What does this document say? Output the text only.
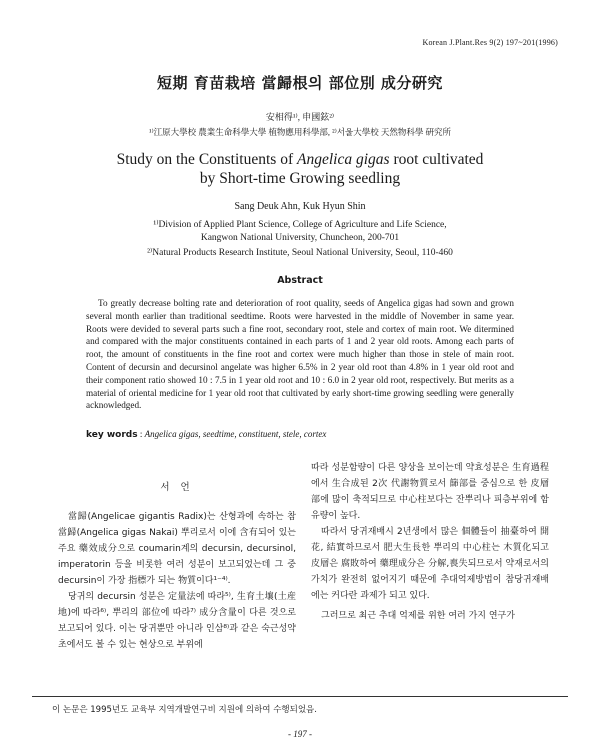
Korean J.Plant.Res 9(2) 197~201(1996)
短期 育苗栽培 當歸根의 部位別 成分硏究
安相得¹⁾, 申國鉉²⁾
¹⁾江原大學校 農業生命科學大學 植物應用科學部, ²⁾서울大學校 天然物科學 硏究所
Study on the Constituents of Angelica gigas root cultivated
by Short-time Growing seedling
Sang Deuk Ahn, Kuk Hyun Shin
¹⁾Division of Applied Plant Science, College of Agriculture and Life Science,
Kangwon National University, Chuncheon, 200-701
²⁾Natural Products Research Institute, Seoul National University, Seoul, 110-460
Abstract
To greatly decrease bolting rate and deterioration of root quality, seeds of Angelica gigas had sown and grown several month earlier than traditional seedtime. Roots were harvested in the middle of November in same year. Roots were devided to several parts such a fine root, secondary root, stele and cortex of main root. We ditermined and compared with the major constituents contained in each parts of 1 and 2 year old roots. Among each parts of root, the amount of constituents in the fine root and cortex were much higher than those in stele of main root. Content of decursin and decursinol angelate was higher 6.5% in 2 year old root than 4.8% in 1 year old root and their component ratio showed 10 : 7.5 in 1 year old root and 10 : 6.0 in 2 year old root, respectively. But merits as a material of oriental medicine for 1 year old root that cultivated by early short-time growing seedling were generally acknowledged.
key words : Angelica gigas, seedtime, constituent, stele, cortex
서 언

當歸(Angelicae gigantis Radix)는 산형과에 속하는 참當歸(Angelica gigas Nakai) 뿌리로서 이에 含有되어 있는 주요 藥效成分으로 coumarin계의 decursin, decursinol, imperatorin 등을 비롯한 여러 성분이 보고되었는데 그 중 decursin이 가장 指標가 되는 物質이다¹⁻⁴⁾.

당귀의 decursin 성분은 定量法에 따라⁵⁾, 生育土壤(土産地)에 따라⁶⁾, 뿌리의 部位에 따라⁷⁾ 成分含量이 다른 것으로 보고되어 있다. 이는 당귀뿐만 아니라 인삼⁸⁾과 같은 숙근성약초에서도 볼 수 있는 현상으로 부위에

따라 성분함량이 다른 양상을 보이는데 약효성분은 生育過程에서 生合成된 2次 代謝物質로서 篩部를 중심으로 한 皮層部에 많이 축적되므로 中心柱보다는 잔뿌리나 피층부위에 함유량이 높다.

따라서 당귀재배시 2년생에서 많은 個體들이 抽臺하여 開花, 結實하므로서 肥大生長한 뿌리의 中心柱는 木質化되고 皮層은 腐敗하여 藥理成分은 分解,喪失되므로서 약재로서의 가치가 완전히 없어지기 때문에 추대억제방법이 참당귀재배에는 커다란 과제가 되고 있다.

그러므로 최근 추대 억제를 위한 여러 가지 연구가

이 논문은 1995년도 교육부 지역개발연구비 지원에 의하여 수행되었음.
- 197 -
